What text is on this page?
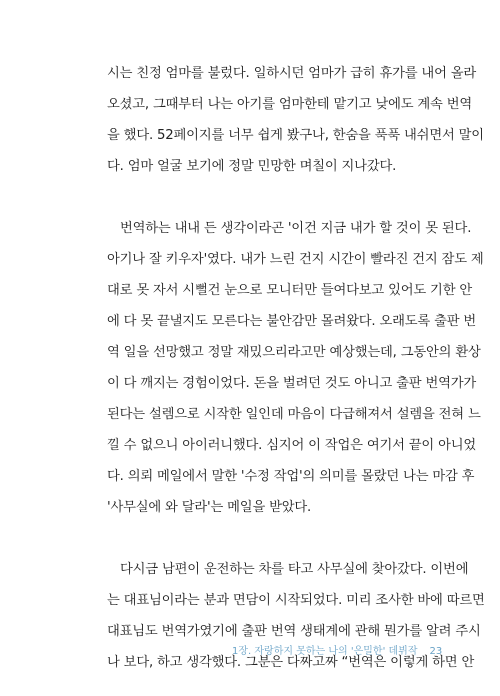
시는 친정 엄마를 불렀다. 일하시던 엄마가 급히 휴가를 내어 올라
오셨고, 그때부터 나는 아기를 엄마한테 맡기고 낮에도 계속 번역
을 했다. 52페이지를 너무 쉽게 봤구나, 한숨을 푹푹 내쉬면서 말이
다. 엄마 얼굴 보기에 정말 민망한 며칠이 지나갔다.
번역하는 내내 든 생각이라곤 '이건 지금 내가 할 것이 못 된다.
아기나 잘 키우자'였다. 내가 느린 건지 시간이 빨라진 건지 잠도 제
대로 못 자서 시뻘건 눈으로 모니터만 들여다보고 있어도 기한 안
에 다 못 끝낼지도 모른다는 불안감만 몰려왔다. 오래도록 출판 번
역 일을 선망했고 정말 재밌으리라고만 예상했는데, 그동안의 환상
이 다 깨지는 경험이었다. 돈을 벌려던 것도 아니고 출판 번역가가
된다는 설렘으로 시작한 일인데 마음이 다급해져서 설렘을 전혀 느
낄 수 없으니 아이러니했다. 심지어 이 작업은 여기서 끝이 아니었
다. 의뢰 메일에서 말한 '수정 작업'의 의미를 몰랐던 나는 마감 후
'사무실에 와 달라'는 메일을 받았다.
다시금 남편이 운전하는 차를 타고 사무실에 찾아갔다. 이번에
는 대표님이라는 분과 면담이 시작되었다. 미리 조사한 바에 따르면
대표님도 번역가였기에 출판 번역 생태계에 관해 뭔가를 알려 주시
나 보다, 하고 생각했다. 그분은 다짜고짜 “번역은 이렇게 하면 안
1장. 자랑하지 못하는 나의 '은밀한' 데뷔작 23
